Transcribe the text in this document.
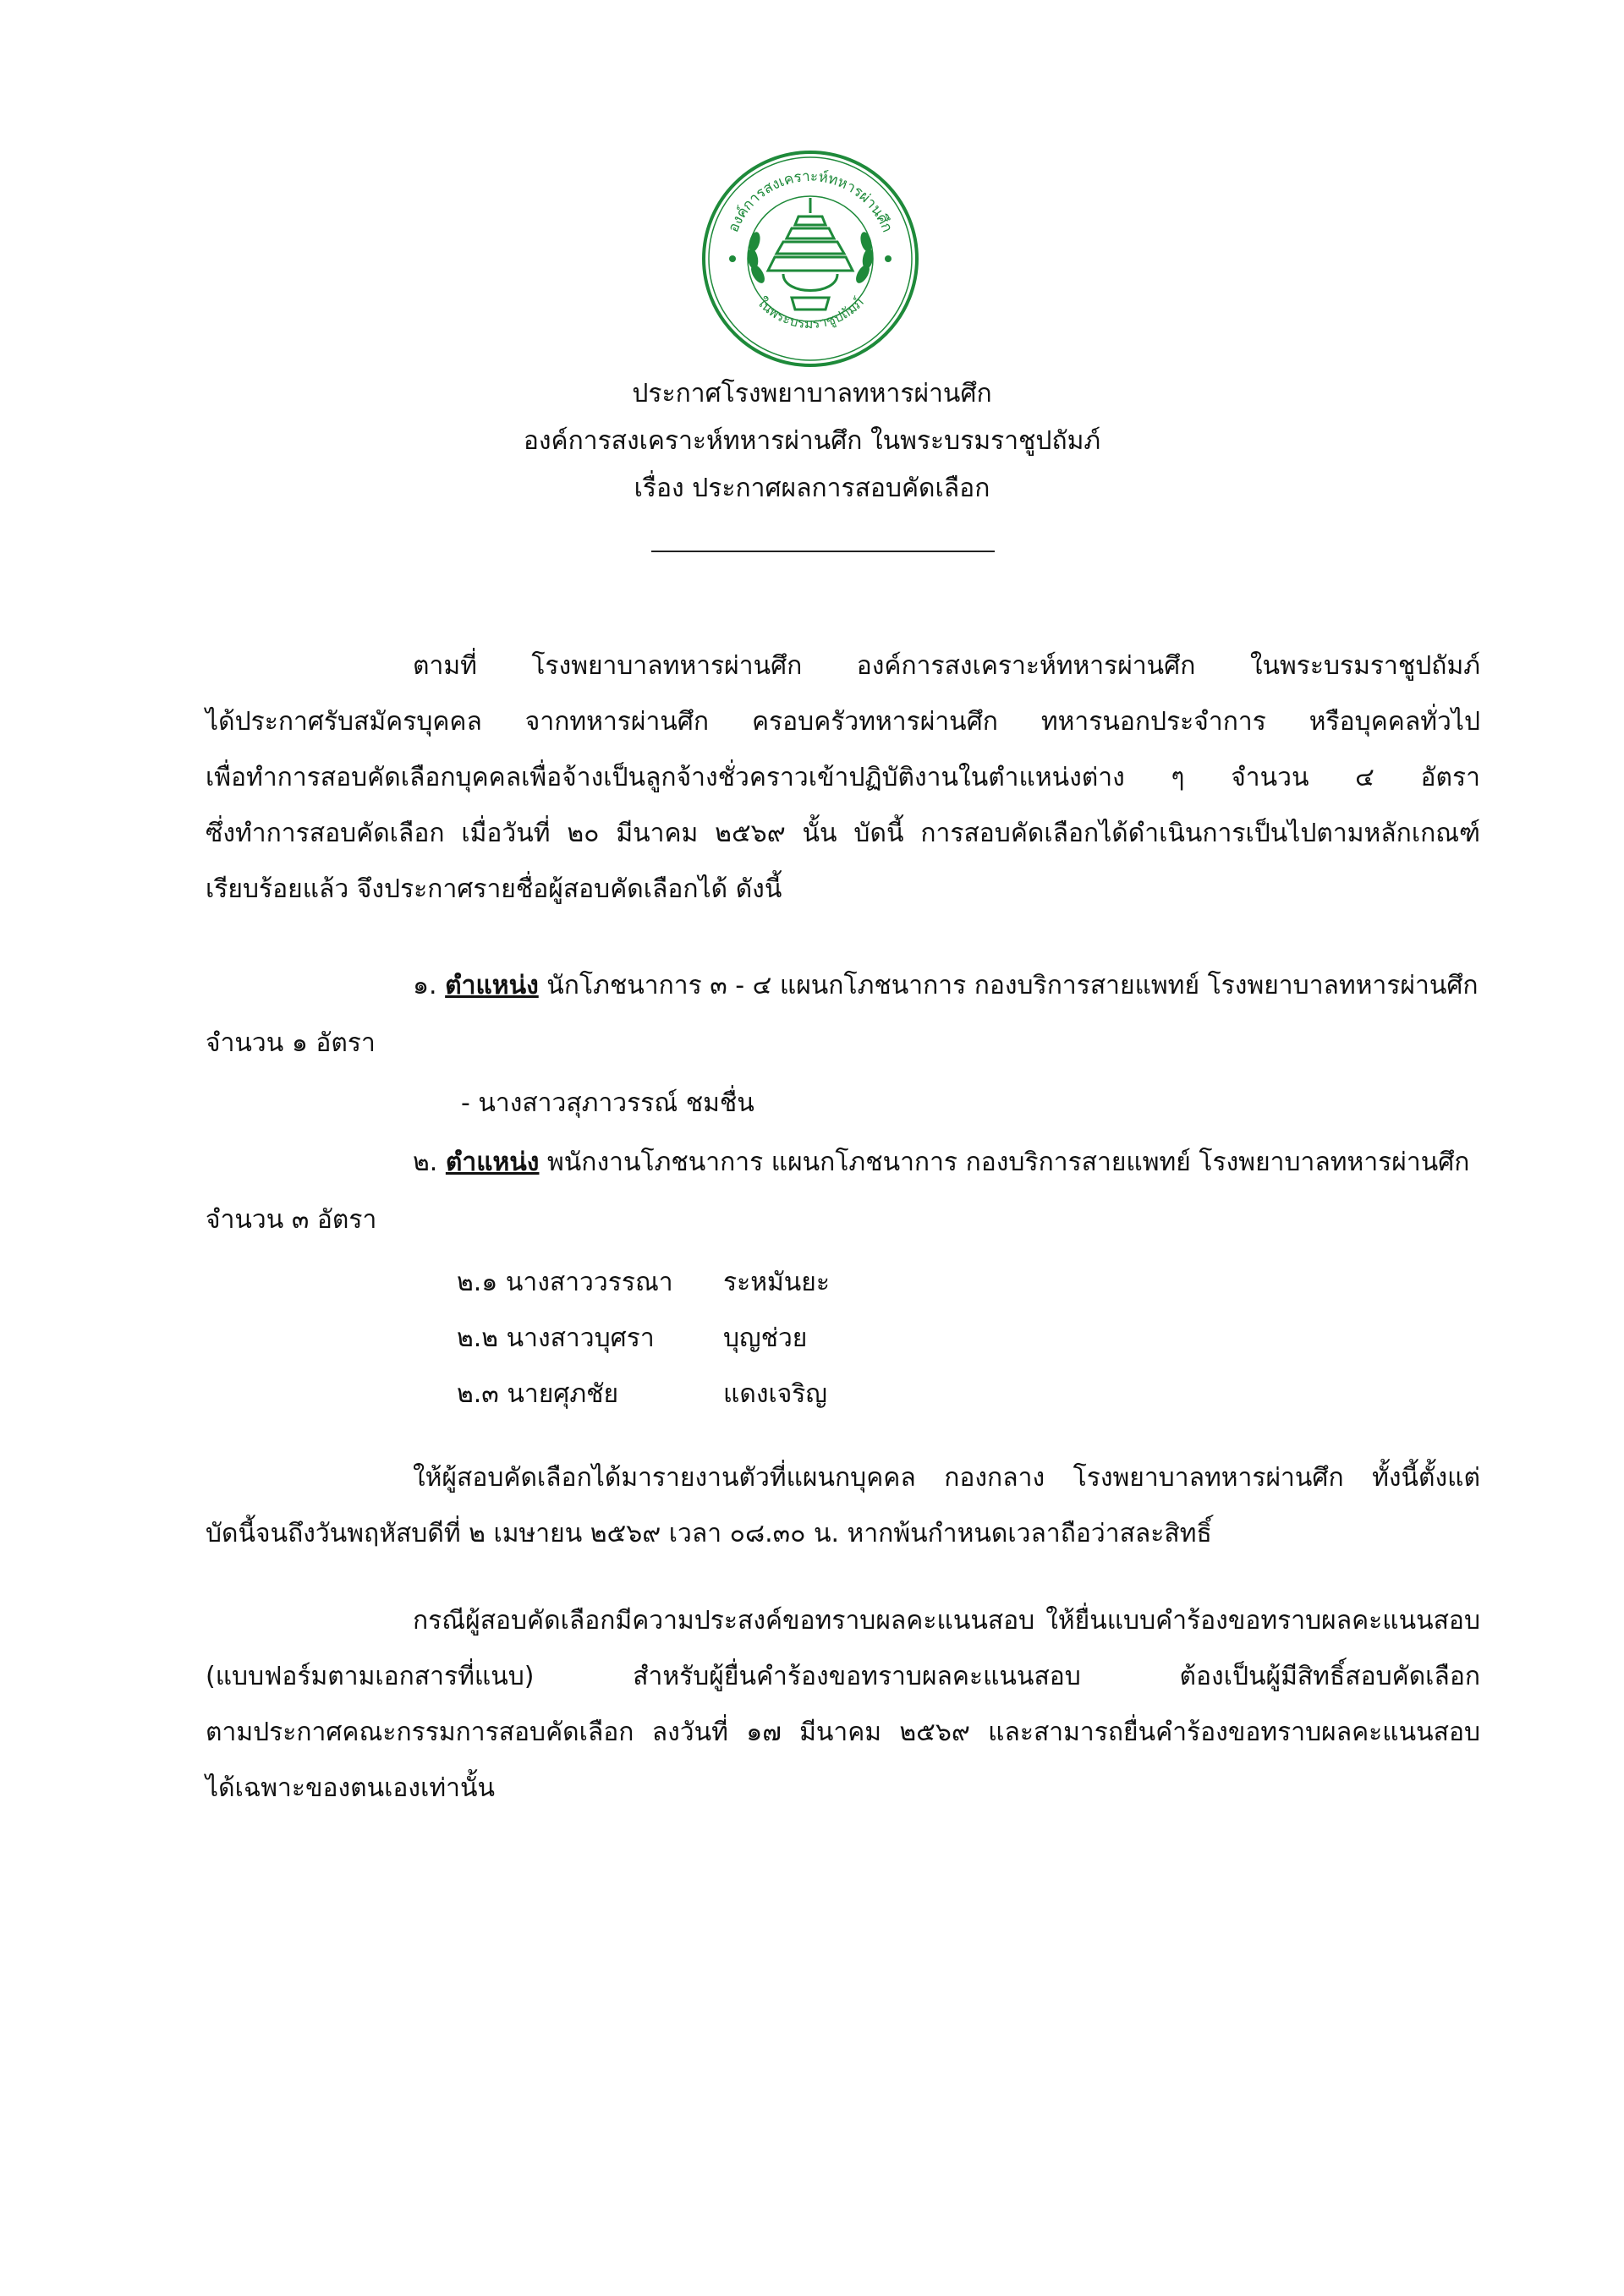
องค์การสงเคราะห์ทหารผ่านศึก
ในพระบรมราชูปถัมภ์
ประกาศโรงพยาบาลทหารผ่านศึก
องค์การสงเคราะห์ทหารผ่านศึก ในพระบรมราชูปถัมภ์
เรื่อง ประกาศผลการสอบคัดเลือก
ตามที่ โรงพยาบาลทหารผ่านศึก องค์การสงเคราะห์ทหารผ่านศึก ในพระบรมราชูปถัมภ์
ได้ประกาศรับสมัครบุคคล จากทหารผ่านศึก ครอบครัวทหารผ่านศึก ทหารนอกประจำการ หรือบุคคลทั่วไป
เพื่อทำการสอบคัดเลือกบุคคลเพื่อจ้างเป็นลูกจ้างชั่วคราวเข้าปฏิบัติงานในตำแหน่งต่าง ๆ จำนวน ๔ อัตรา
ซึ่งทำการสอบคัดเลือก เมื่อวันที่ ๒๐ มีนาคม ๒๕๖๙ นั้น บัดนี้ การสอบคัดเลือกได้ดำเนินการเป็นไปตามหลักเกณฑ์
เรียบร้อยแล้ว จึงประกาศรายชื่อผู้สอบคัดเลือกได้ ดังนี้
๑. ตำแหน่ง นักโภชนาการ ๓ - ๔ แผนกโภชนาการ กองบริการสายแพทย์ โรงพยาบาลทหารผ่านศึก
จำนวน ๑ อัตรา
- นางสาวสุภาวรรณ์ ชมชื่น
๒. ตำแหน่ง พนักงานโภชนาการ แผนกโภชนาการ กองบริการสายแพทย์ โรงพยาบาลทหารผ่านศึก
จำนวน ๓ อัตรา
๒.๑ นางสาววรรณา ระหมันยะ
๒.๒ นางสาวบุศรา	บุญช่วย
๒.๓ นายศุภชัย	แดงเจริญ
ให้ผู้สอบคัดเลือกได้มารายงานตัวที่แผนกบุคคล กองกลาง โรงพยาบาลทหารผ่านศึก ทั้งนี้ตั้งแต่
บัดนี้จนถึงวันพฤหัสบดีที่ ๒ เมษายน ๒๕๖๙ เวลา ๐๘.๓๐ น. หากพ้นกำหนดเวลาถือว่าสละสิทธิ์
กรณีผู้สอบคัดเลือกมีความประสงค์ขอทราบผลคะแนนสอบ ให้ยื่นแบบคำร้องขอทราบผลคะแนนสอบ
(แบบฟอร์มตามเอกสารที่แนบ) สำหรับผู้ยื่นคำร้องขอทราบผลคะแนนสอบ ต้องเป็นผู้มีสิทธิ์สอบคัดเลือก
ตามประกาศคณะกรรมการสอบคัดเลือก ลงวันที่ ๑๗ มีนาคม ๒๕๖๙ และสามารถยื่นคำร้องขอทราบผลคะแนนสอบ
ได้เฉพาะของตนเองเท่านั้น
